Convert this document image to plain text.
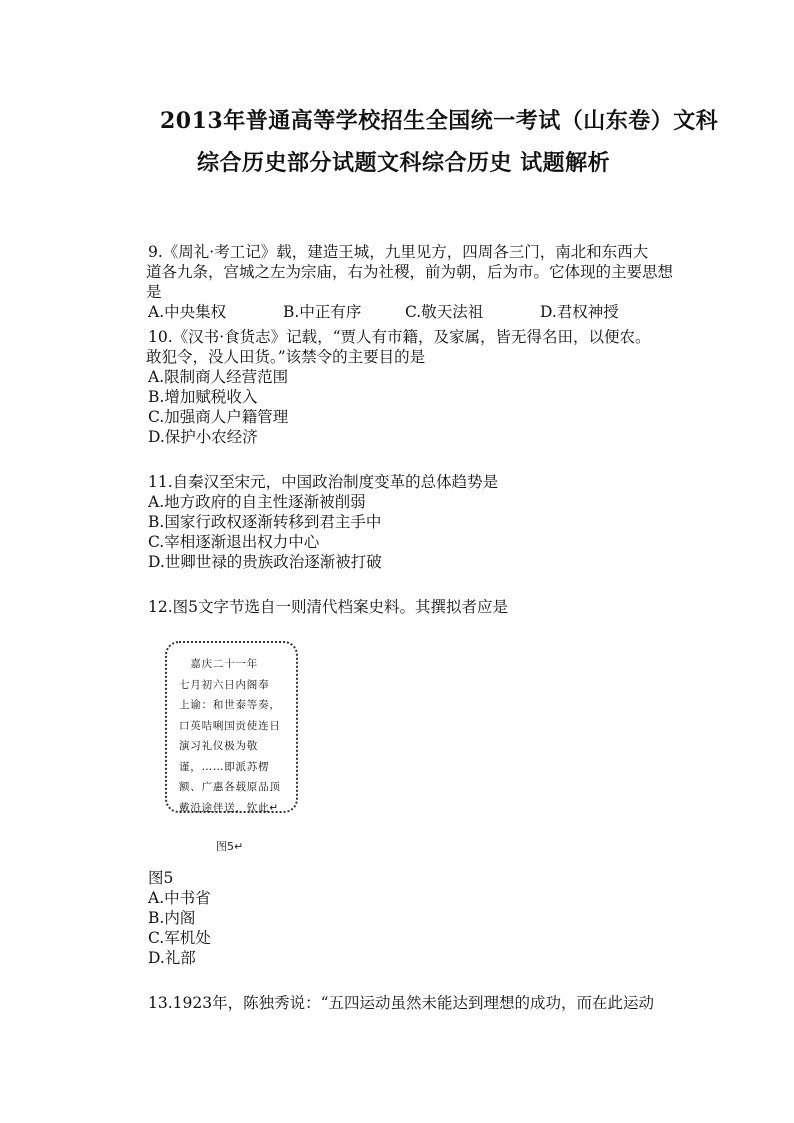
2013年普通高等学校招生全国统一考试（山东卷）文科
综合历史部分试题文科综合历史 试题解析

9.《周礼·考工记》载，建造王城，九里见方，四周各三门，南北和东西大

道各九条，宫城之左为宗庙，右为社稷，前为朝，后为市。它体现的主要思想是

A.中央集权	B.中正有序	C.敬天法祖	D.君权神授

10.《汉书·食货志》记载，“贾人有市籍，及家属，皆无得名田，以便农。

敢犯令，没人田货。”该禁令的主要目的是

A.限制商人经营范围

B.增加赋税收入

C.加强商人户籍管理

D.保护小农经济

11.自秦汉至宋元，中国政治制度变革的总体趋势是

A.地方政府的自主性逐渐被削弱

B.国家行政权逐渐转移到君主手中

C.宰相逐渐退出权力中心

D.世卿世禄的贵族政治逐渐被打破

12.图5文字节选自一则清代档案史料。其撰拟者应是
　嘉庆二十一年
七月初六日内阁奉
上谕：和世泰等奏，
口英咭唎国贡使连日
演习礼仪极为敬
谨，……即派苏楞
额、广惠各载原品顶
戴沿途伴送，钦此↵
图5↵

图5

A.中书省

B.内阁

C.军机处

D.礼部

13.1923年，陈独秀说：“五四运动虽然未能达到理想的成功，而在此运动
